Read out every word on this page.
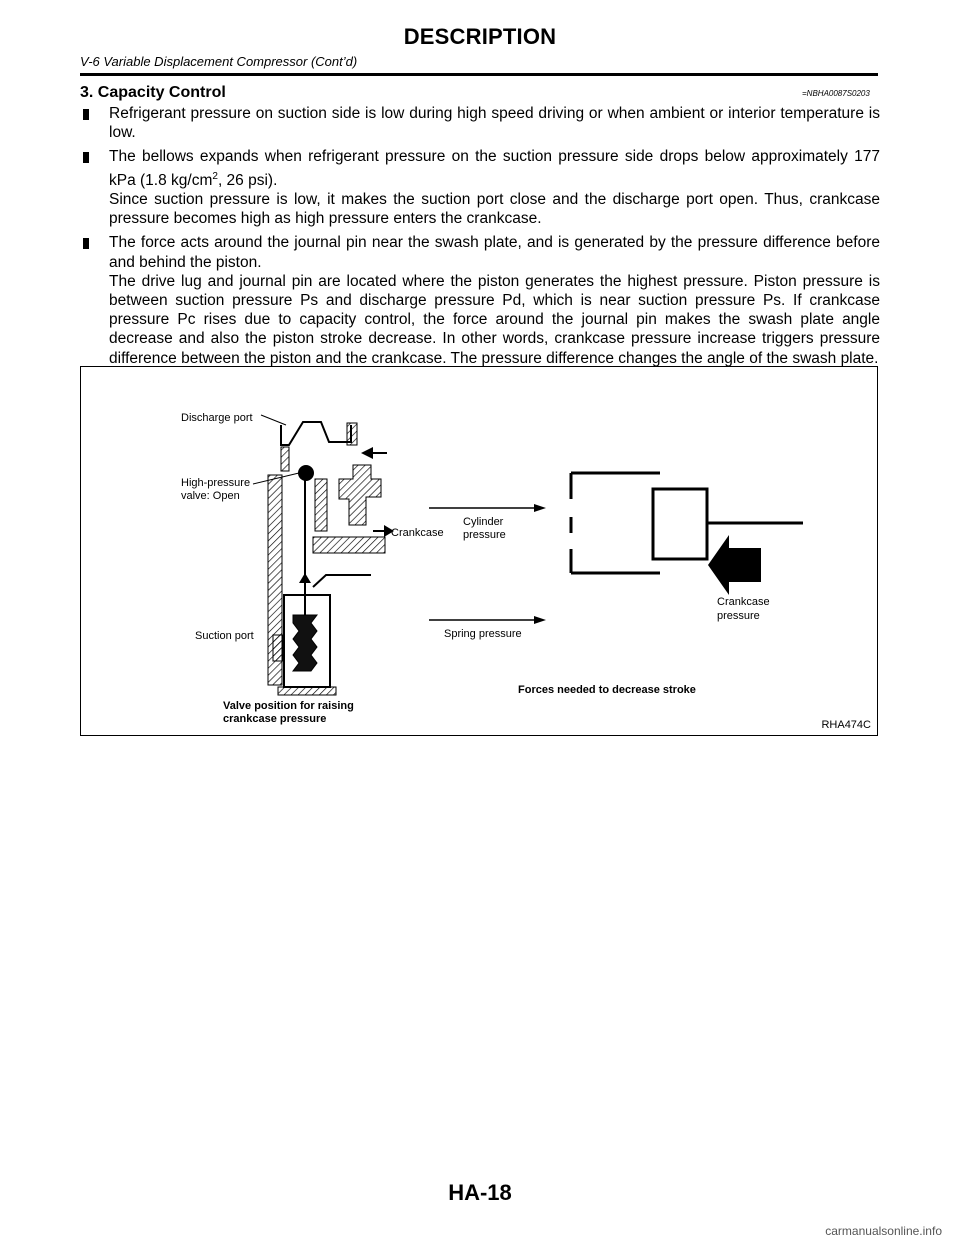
DESCRIPTION
V-6 Variable Displacement Compressor (Cont’d)
3. Capacity Control	=NBHA0087S0203
Refrigerant pressure on suction side is low during high speed driving or when ambient or interior temperature is low.
The bellows expands when refrigerant pressure on the suction pressure side drops below approximately 177 kPa (1.8 $kg/cm^2$, 26 psi).
Since suction pressure is low, it makes the suction port close and the discharge port open. Thus, crankcase pressure becomes high as high pressure enters the crankcase.
The force acts around the journal pin near the swash plate, and is generated by the pressure difference before and behind the piston.
The drive lug and journal pin are located where the piston generates the highest pressure. Piston pressure is between suction pressure Ps and discharge pressure Pd, which is near suction pressure Ps. If crankcase pressure Pc rises due to capacity control, the force around the journal pin makes the swash plate angle decrease and also the piston stroke decrease. In other words, crankcase pressure increase triggers pressure difference between the piston and the crankcase. The pressure difference changes the angle of the swash plate.
Discharge port
High-pressure
valve: Open
Crankcase
Suction port
Cylinder
pressure
Spring pressure
Crankcase
pressure
Valve position for raising
crankcase pressure
Forces needed to decrease stroke
RHA474C
HA-18
carmanualsonline.info
